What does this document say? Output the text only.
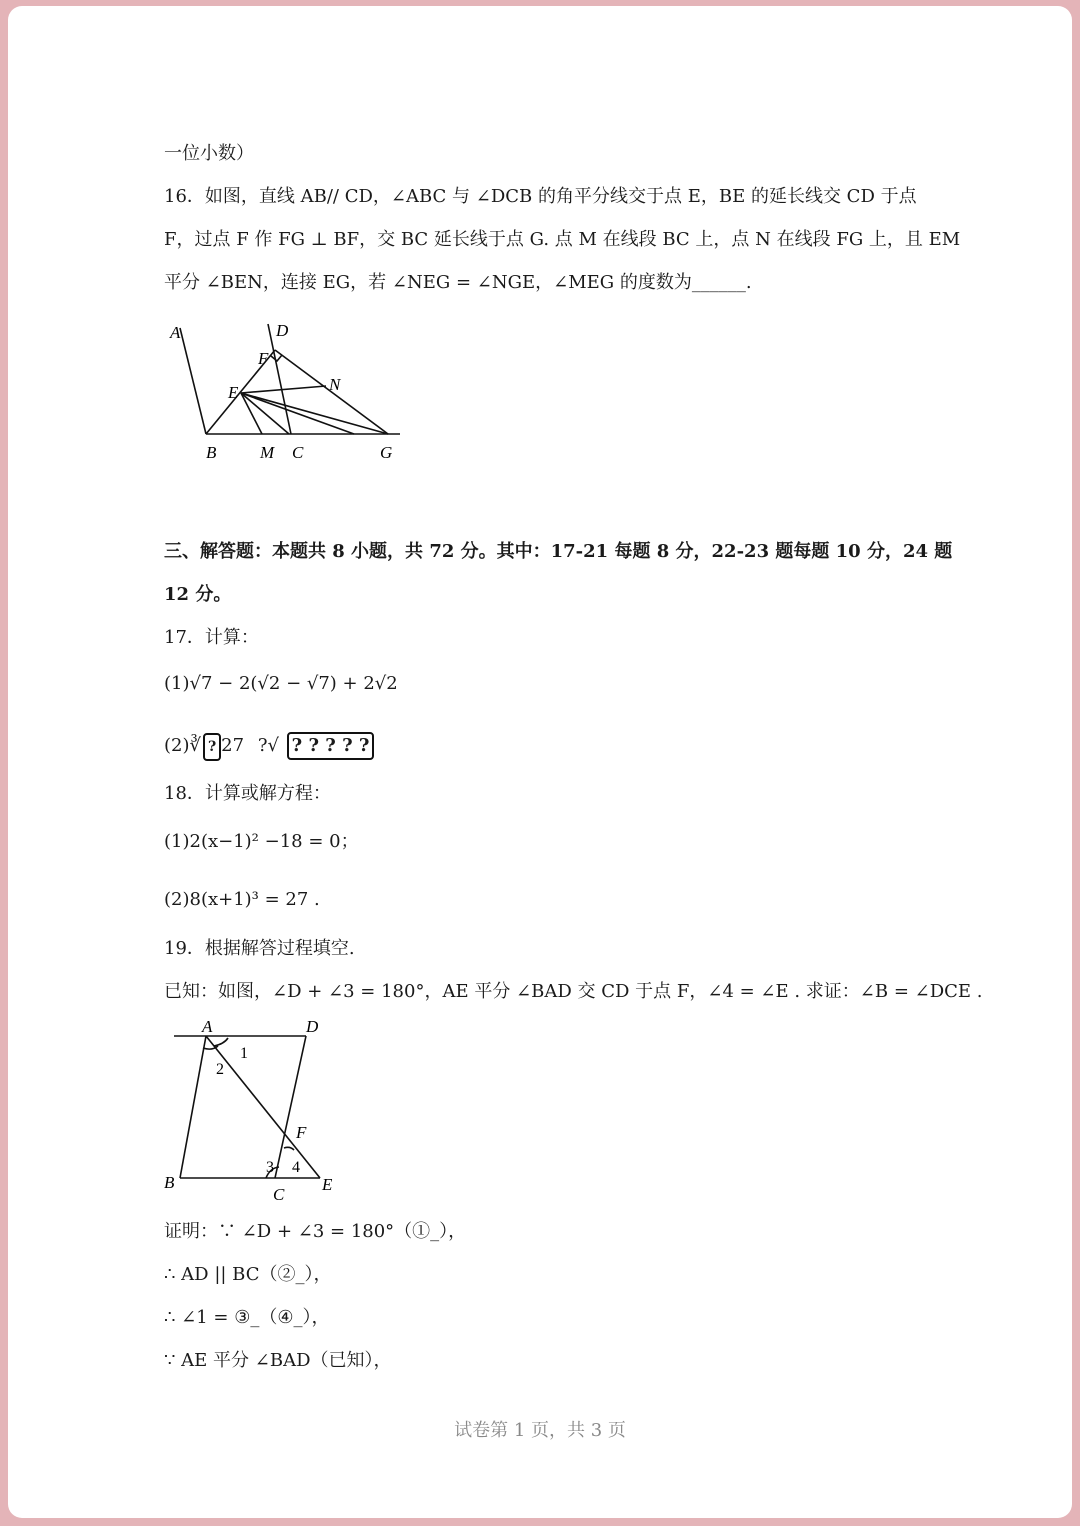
一位小数）
16．如图，直线 AB// CD，∠ABC 与 ∠DCB 的角平分线交于点 E，BE 的延长线交 CD 于点
F，过点 F 作 FG ⊥ BF，交 BC 延长线于点 G. 点 M 在线段 BC 上，点 N 在线段 FG 上，且 EM
平分 ∠BEN，连接 EG，若 ∠NEG = ∠NGE，∠MEG 的度数为______.
A	D
F
E	N
B	M C	G
三、解答题：本题共 8 小题，共 72 分。其中：17-21 每题 8 分，22-23 题每题 10 分，24 题
12 分。
17．计算：
(1)√7 − 2(√2 − √7) + 2√2
(2)∛ ? 27 ?√ ? ? ? ? ?
18．计算或解方程：
(1)2(x−1)² −18 = 0；
(2)8(x+1)³ = 27 .
19．根据解答过程填空.
已知：如图，∠D + ∠3 = 180°，AE 平分 ∠BAD 交 CD 于点 F，∠4 = ∠E . 求证：∠B = ∠DCE .
A	D
1
2
F
3 4
B
C
E
证明：∵ ∠D + ∠3 = 180°（①_），
∴ AD || BC（②_），
∴ ∠1 = ③_（④_），
∵ AE 平分 ∠BAD（已知），
试卷第 1 页，共 3 页
